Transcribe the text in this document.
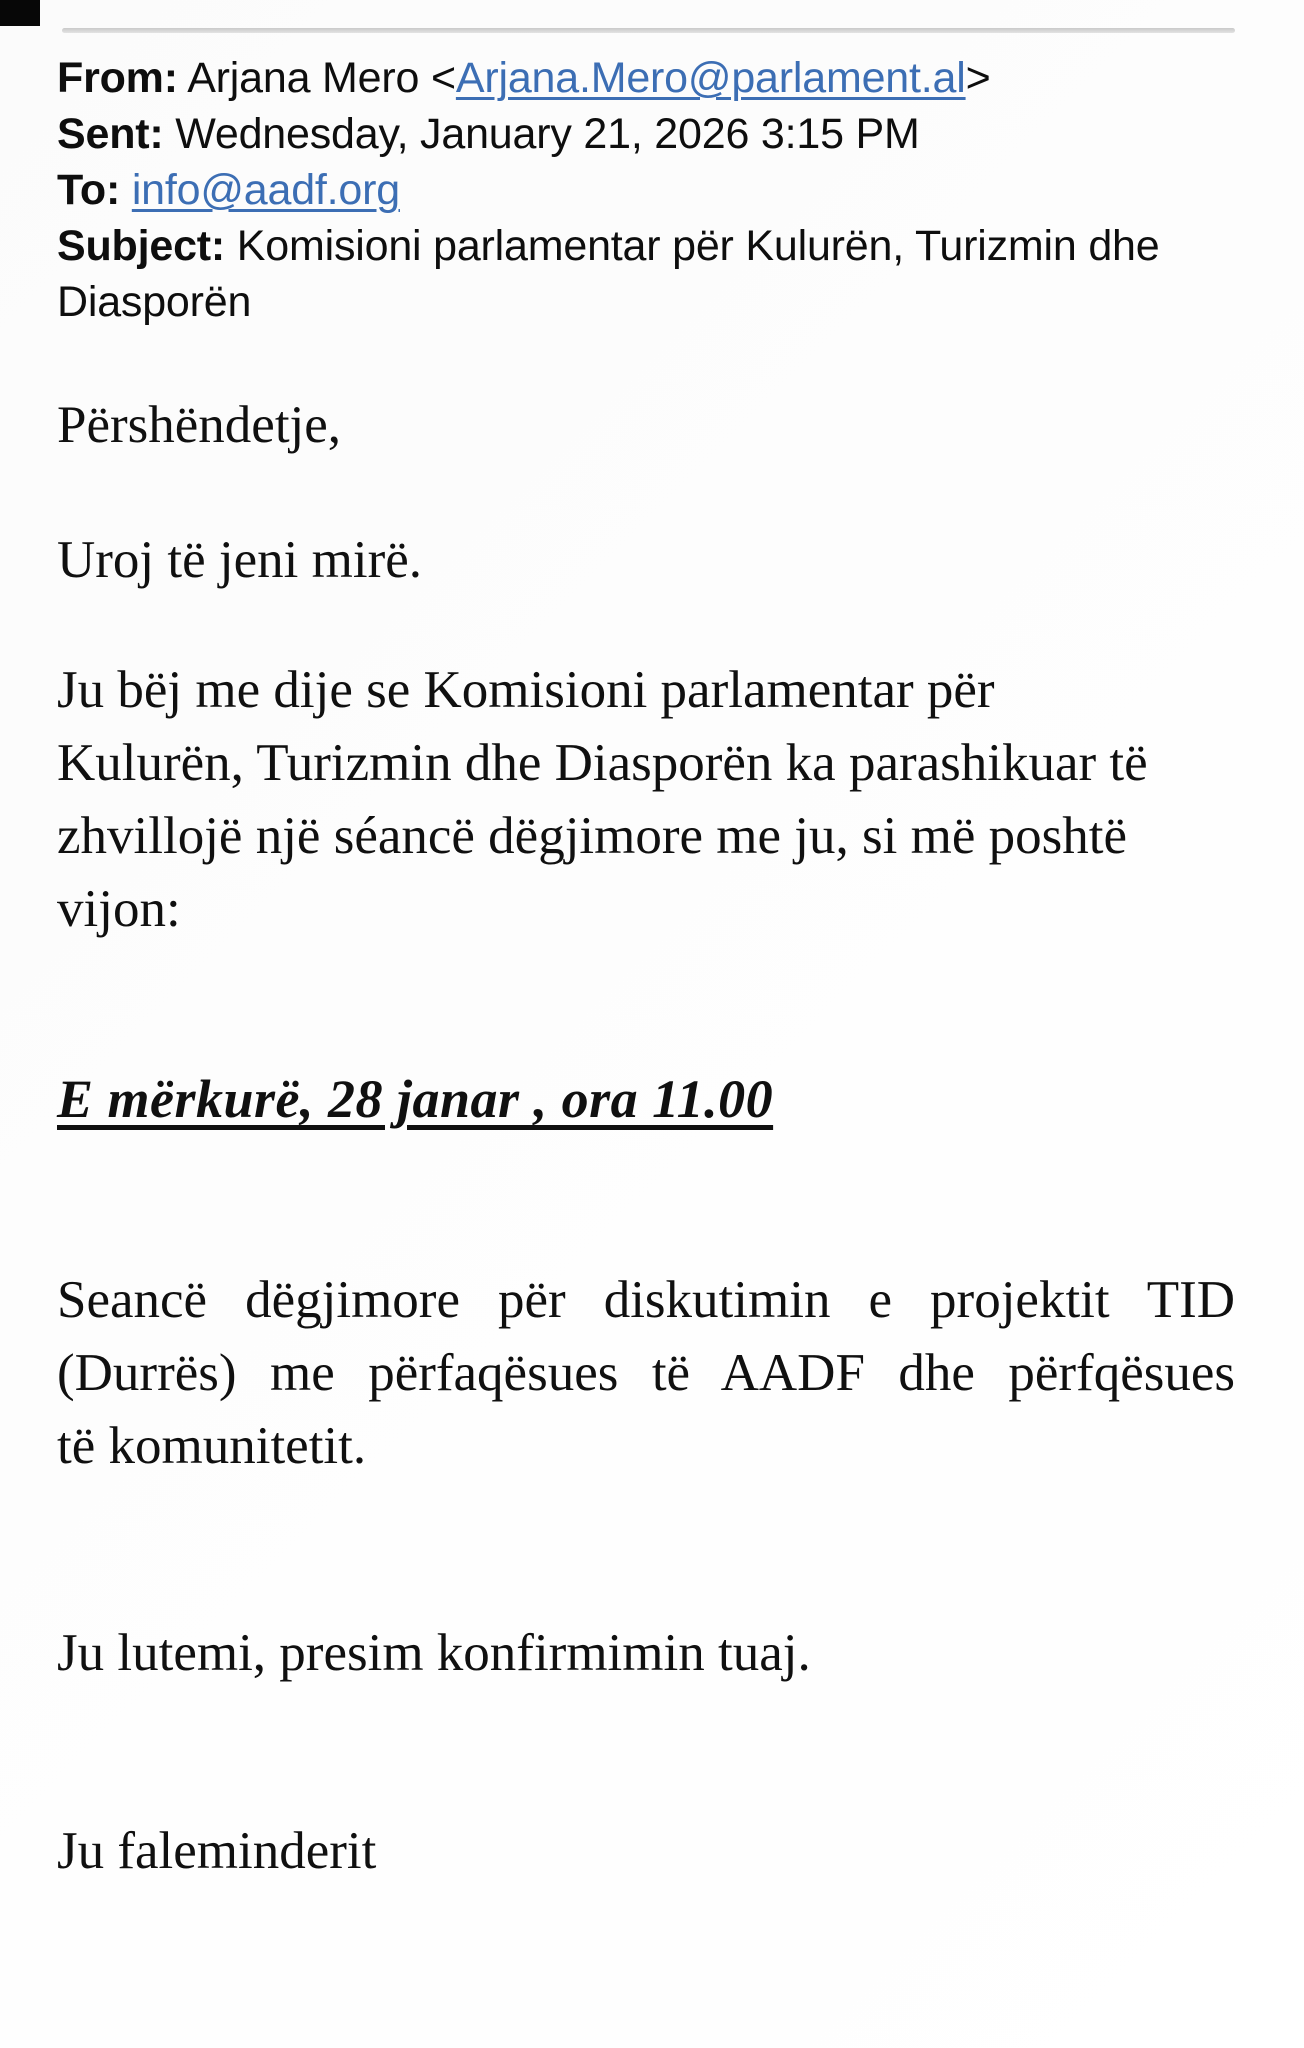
From: Arjana Mero <Arjana.Mero@parlament.al>
Sent: Wednesday, January 21, 2026 3:15 PM
To: info@aadf.org
Subject: Komisioni parlamentar për Kulurën, Turizmin dhe
Diasporën
Përshëndetje,
Uroj të jeni mirë.
Ju bëj me dije se Komisioni parlamentar për
Kulurën, Turizmin dhe Diasporën ka parashikuar të
zhvillojë një séancë dëgjimore me ju, si më poshtë
vijon:
E mërkurë, 28 janar , ora 11.00
Seancë dëgjimore për diskutimin e projektit TID
(Durrës) me përfaqësues të AADF dhe përfqësues
të komunitetit.
Ju lutemi, presim konfirmimin tuaj.
Ju faleminderit
